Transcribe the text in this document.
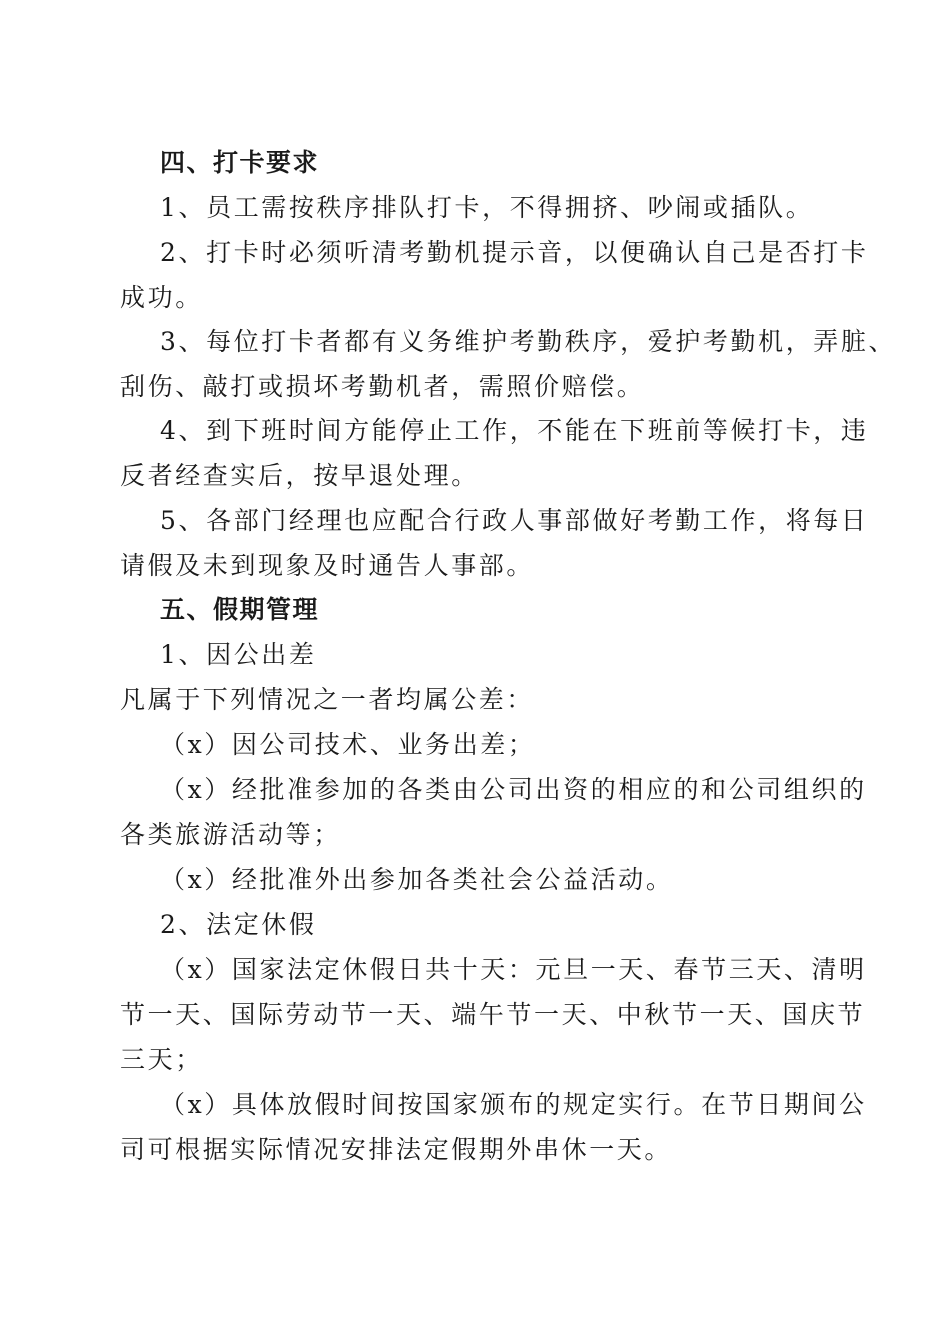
四、打卡要求
1、员工需按秩序排队打卡，不得拥挤、吵闹或插队。
2、打卡时必须听清考勤机提示音，以便确认自己是否打卡
成功。
3、每位打卡者都有义务维护考勤秩序，爱护考勤机，弄脏、
刮伤、敲打或损坏考勤机者，需照价赔偿。
4、到下班时间方能停止工作，不能在下班前等候打卡，违
反者经查实后，按早退处理。
5、各部门经理也应配合行政人事部做好考勤工作，将每日
请假及未到现象及时通告人事部。
五、假期管理
1、因公出差
凡属于下列情况之一者均属公差：
（x）因公司技术、业务出差；
（x）经批准参加的各类由公司出资的相应的和公司组织的
各类旅游活动等；
（x）经批准外出参加各类社会公益活动。
2、法定休假
（x）国家法定休假日共十天：元旦一天、春节三天、清明
节一天、国际劳动节一天、端午节一天、中秋节一天、国庆节
三天；
（x）具体放假时间按国家颁布的规定实行。在节日期间公
司可根据实际情况安排法定假期外串休一天。
